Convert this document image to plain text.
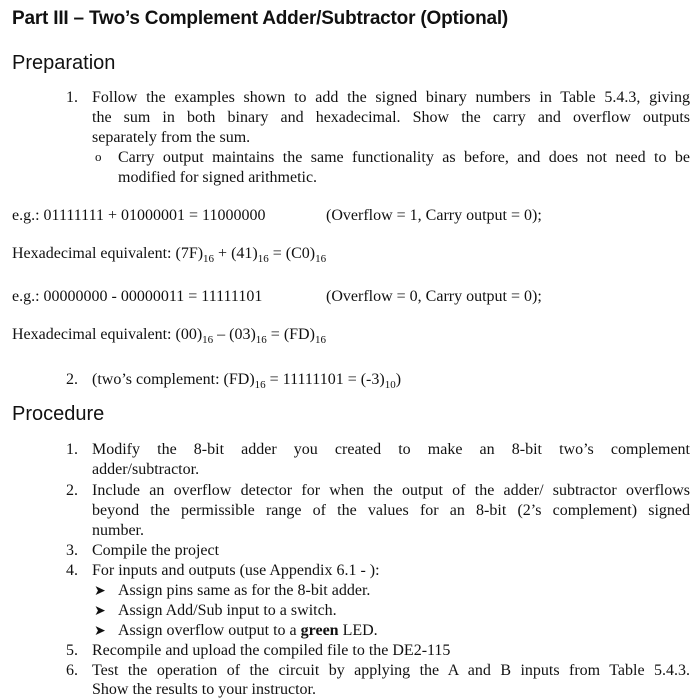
Part III – Two’s Complement Adder/Subtractor (Optional)
Preparation
1. Follow the examples shown to add the signed binary numbers in Table 5.4.3, giving
the sum in both binary and hexadecimal. Show the carry and overflow outputs
separately from the sum.
o Carry output maintains the same functionality as before, and does not need to be
modified for signed arithmetic.
e.g.: 01111111 + 01000001 = 11000000	(Overflow = 1, Carry output = 0);
Hexadecimal equivalent: $(7F)_{16} + (41)_{16} = (C0)_{16}$
e.g.: 00000000 - 00000011 = 11111101	(Overflow = 0, Carry output = 0);
Hexadecimal equivalent: $(00)_{16} - (03)_{16} = (FD)_{16}$
2. (two’s complement: $(FD)_{16} = 11111101 = (-3)_{10}$)
Procedure
1. Modify the 8-bit adder you created to make an 8-bit two’s complement
adder/subtractor.
2. Include an overflow detector for when the output of the adder/ subtractor overflows
beyond the permissible range of the values for an 8-bit (2’s complement) signed
number.
3. Compile the project
4. For inputs and outputs (use Appendix 6.1 - ):
➤ Assign pins same as for the 8-bit adder.
➤ Assign Add/Sub input to a switch.
➤ Assign overflow output to a green LED.
5. Recompile and upload the compiled file to the DE2-115
6. Test the operation of the circuit by applying the A and B inputs from Table 5.4.3.
Show the results to your instructor.
